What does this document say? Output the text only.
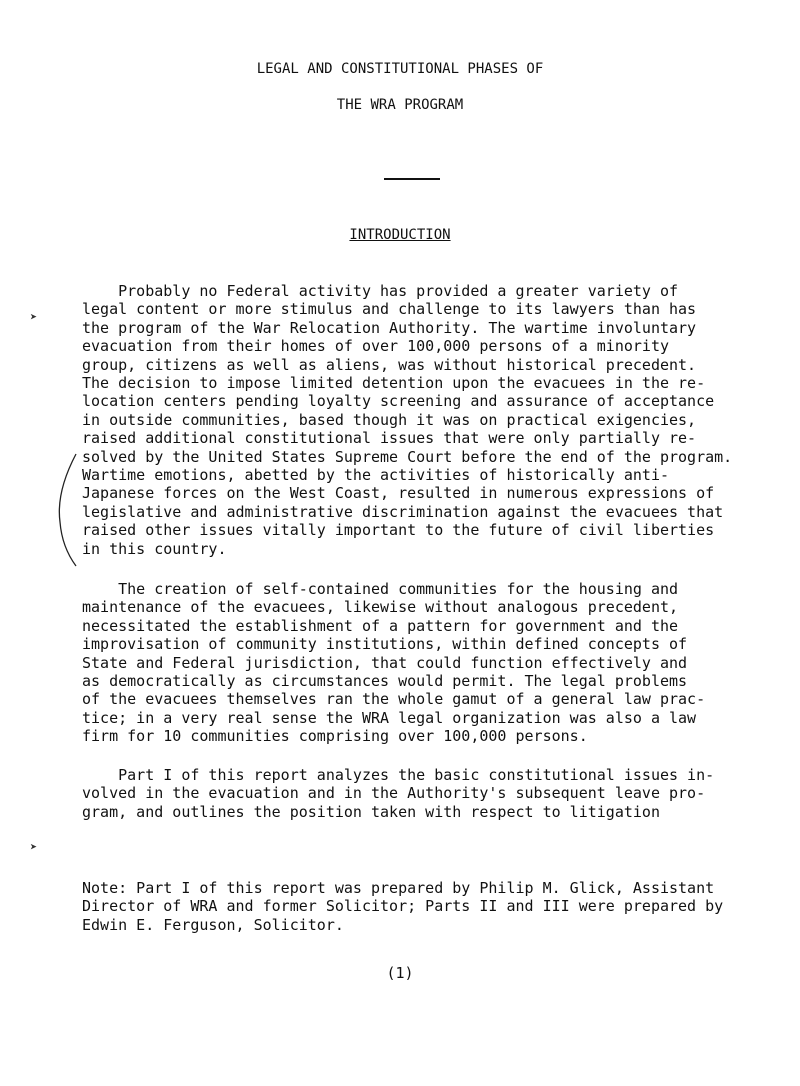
LEGAL AND CONSTITUTIONAL PHASES OF
THE WRA PROGRAM
INTRODUCTION
Probably no Federal activity has provided a greater variety of
legal content or more stimulus and challenge to its lawyers than has
the program of the War Relocation Authority. The wartime involuntary
evacuation from their homes of over 100,000 persons of a minority
group, citizens as well as aliens, was without historical precedent.
The decision to impose limited detention upon the evacuees in the re-
location centers pending loyalty screening and assurance of acceptance
in outside communities, based though it was on practical exigencies,
raised additional constitutional issues that were only partially re-
solved by the United States Supreme Court before the end of the program.
Wartime emotions, abetted by the activities of historically anti-
Japanese forces on the West Coast, resulted in numerous expressions of
legislative and administrative discrimination against the evacuees that
raised other issues vitally important to the future of civil liberties
in this country.
The creation of self-contained communities for the housing and
maintenance of the evacuees, likewise without analogous precedent,
necessitated the establishment of a pattern for government and the
improvisation of community institutions, within defined concepts of
State and Federal jurisdiction, that could function effectively and
as democratically as circumstances would permit. The legal problems
of the evacuees themselves ran the whole gamut of a general law prac-
tice; in a very real sense the WRA legal organization was also a law
firm for 10 communities comprising over 100,000 persons.
Part I of this report analyzes the basic constitutional issues in-
volved in the evacuation and in the Authority's subsequent leave pro-
gram, and outlines the position taken with respect to litigation
Note: Part I of this report was prepared by Philip M. Glick, Assistant
Director of WRA and former Solicitor; Parts II and III were prepared by
Edwin E. Ferguson, Solicitor.
(1)
➤
➤
